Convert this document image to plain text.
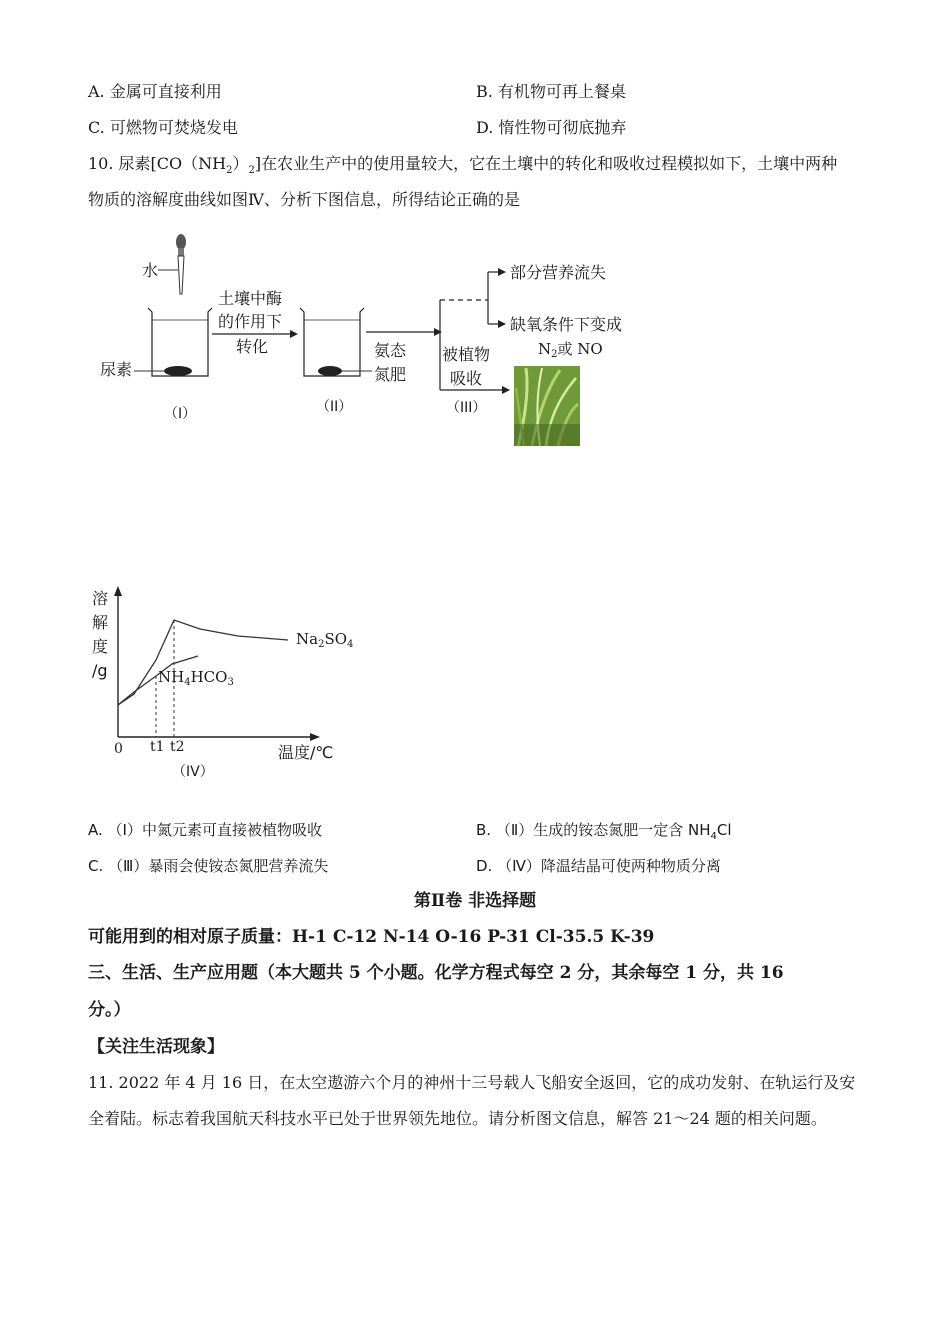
A. 金属可直接利用	B. 有机物可再上餐桌
C. 可燃物可焚烧发电	D. 惰性物可彻底抛弃
10. 尿素$[CO(NH_2)_2]$在农业生产中的使用量较大，它在土壤中的转化和吸收过程模拟如下，土壤中两种
物质的溶解度曲线如图Ⅳ、分析下图信息，所得结论正确的是
水
尿素
（I）
土壤中酶
的作用下
转化	氨态
氮肥
（II）
部分营养流失
缺氧条件下变成
$N_2$或 NO
被植物
吸收
（III）
溶
解
度
/g
$Na_2SO_4$
$NH_4HCO_3$
0 t1 t2	温度/℃
（IV）
A. （Ⅰ）中氮元素可直接被植物吸收	B. （Ⅱ）生成的铵态氮肥一定含 $NH_4Cl$
C. （Ⅲ）暴雨会使铵态氮肥营养流失	D. （Ⅳ）降温结晶可使两种物质分离
第Ⅱ卷 非选择题
可能用到的相对原子质量：H-1 C-12 N-14 O-16 P-31 Cl-35.5 K-39
三、生活、生产应用题（本大题共 5 个小题。化学方程式每空 2 分，其余每空 1 分，共 16
分。）
【关注生活现象】
11. 2022 年 4 月 16 日，在太空遨游六个月的神州十三号载人飞船安全返回，它的成功发射、在轨运行及安
全着陆。标志着我国航天科技水平已处于世界领先地位。请分析图文信息，解答 21～24 题的相关问题。
